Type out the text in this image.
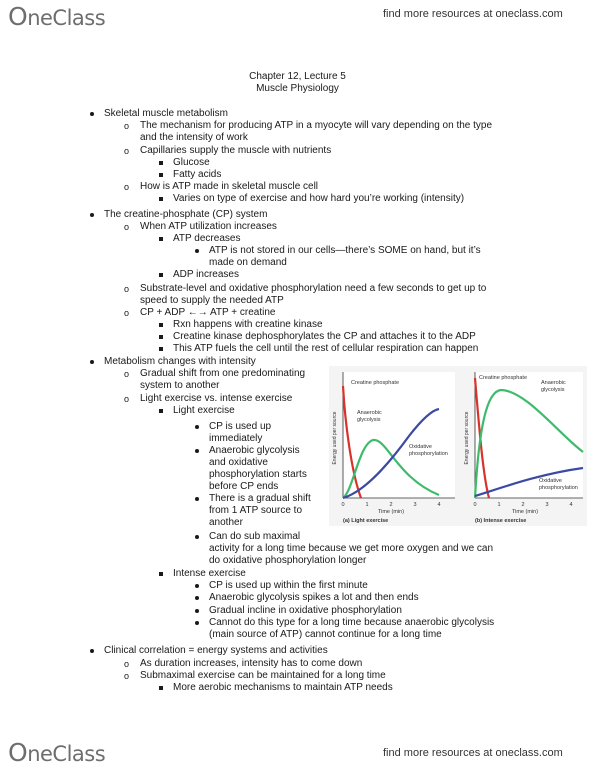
OneClass	find more resources at oneclass.com
Chapter 12, Lecture 5
Muscle Physiology
Skeletal muscle metabolism
o The mechanism for producing ATP in a myocyte will vary depending on the type
and the intensity of work
o Capillaries supply the muscle with nutrients
Glucose
Fatty acids
o How is ATP made in skeletal muscle cell
Varies on type of exercise and how hard you’re working (intensity)
The creatine-phosphate (CP) system
o When ATP utilization increases
ATP decreases
ATP is not stored in our cells—there’s SOME on hand, but it’s
made on demand
ADP increases
o Substrate-level and oxidative phosphorylation need a few seconds to get up to
speed to supply the needed ATP
o CP + ADP ←→ ATP + creatine
Rxn happens with creatine kinase
Creatine kinase dephosphorylates the CP and attaches it to the ADP
This ATP fuels the cell until the rest of cellular respiration can happen
Metabolism changes with intensity
o Gradual shift from one predominating
system to another
o Light exercise vs. intense exercise
Light exercise
CP is used up
immediately
Anaerobic glycolysis
and oxidative
phosphorylation starts
before CP ends
There is a gradual shift
from 1 ATP source to
another
Can do sub maximal
activity for a long time because we get more oxygen and we can
do oxidative phosphorylation longer
Intense exercise
CP is used up within the first minute
Anaerobic glycolysis spikes a lot and then ends
Gradual incline in oxidative phosphorylation
Cannot do this type for a long time because anaerobic glycolysis
(main source of ATP) cannot continue for a long time
Clinical correlation = energy systems and activities
o As duration increases, intensity has to come down
o Submaximal exercise can be maintained for a long time
More aerobic mechanisms to maintain ATP needs
Energy used per source
Creatine phosphate
Anaerobic
glycolysis
Oxidative
phosphorylation
0	1	2	3	4
Time (min)
(a) Light exercise
Energy used per source
Creatine phosphate
Anaerobic
glycolysis
Oxidative
phosphorylation
0	1	2	3	4
Time (min)
(b) Intense exercise
OneClass	find more resources at oneclass.com
